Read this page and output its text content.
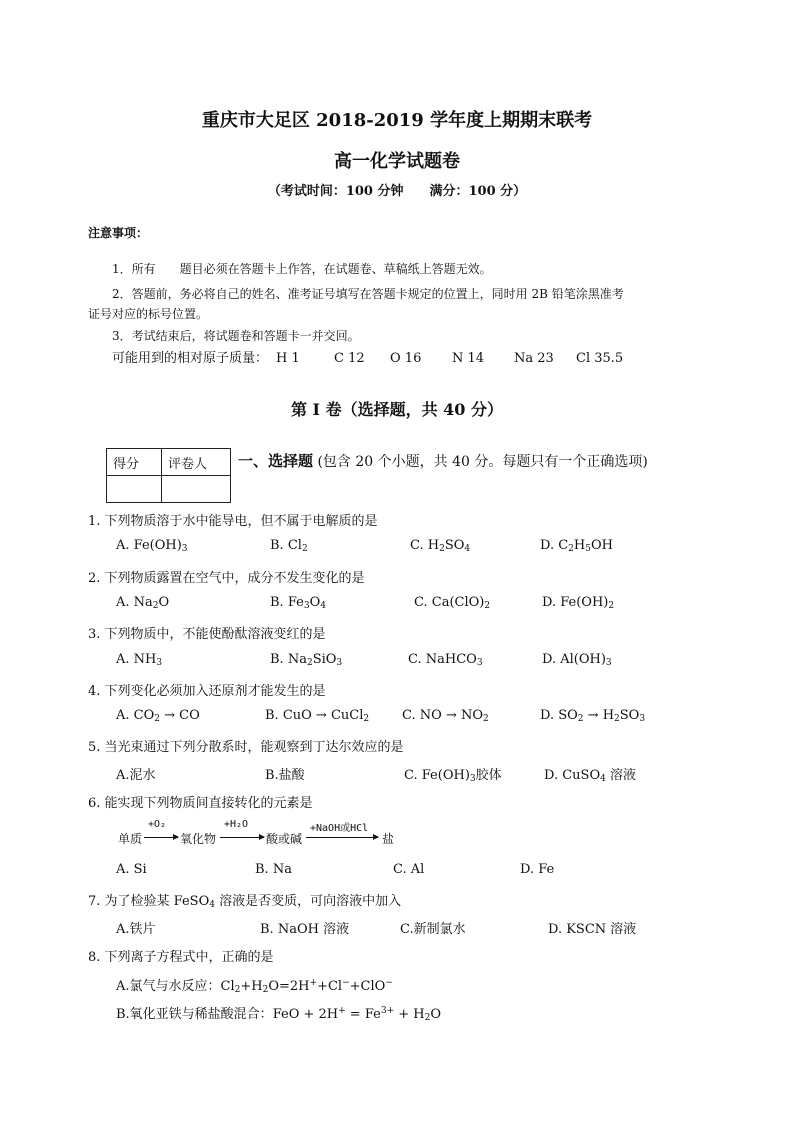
重庆市大足区 2018-2019 学年度上期期末联考
高一化学试题卷
（考试时间：100 分钟　　满分：100 分）
注意事项：
1．所有　　题目必须在答题卡上作答，在试题卷、草稿纸上答题无效。
2．答题前，务必将自己的姓名、准考证号填写在答题卡规定的位置上，同时用 2B 铅笔涂黑准考
证号对应的标号位置。
3．考试结束后，将试题卷和答题卡一并交回。
可能用到的相对原子质量： H 1	C 12 O 16 N 14 Na 23 Cl 35.5
第 I 卷（选择题，共 40 分）
得分	评卷人
	一、选择题 (包含 20 个小题，共 40 分。每题只有一个正确选项)
1. 下列物质溶于水中能导电，但不属于电解质的是
A. $Fe(OH)_3$	B. $Cl_2$	C. $H_2SO_4$	D. $C_2H_5OH$
2. 下列物质露置在空气中，成分不发生变化的是
A. $Na_2O$	B. $Fe_3O_4$	C. $Ca(ClO)_2$	D. $Fe(OH)_2$
3. 下列物质中，不能使酚酞溶液变红的是
A. $NH_3$	B. $Na_2SiO_3$	C. NaHCO$_3$	D. $Al(OH)_3$
4. 下列变化必须加入还原剂才能发生的是
A. $CO_2$ → CO	B. CuO → CuCl$_2$	C. NO → $NO_2$	D. $SO_2 \to H_2SO_3$
5. 当光束通过下列分散系时，能观察到丁达尔效应的是
A.泥水	B.盐酸	C. $Fe(OH)_3$胶体	D. CuSO$_4$ 溶液
6. 能实现下列物质间直接转化的元素是
单质
+O₂
氧化物
+H₂O
酸或碱
+NaOH或HCl
盐
A. Si	B. Na	C. Al	D. Fe
7. 为了检验某 FeSO$_4$ 溶液是否变质，可向溶液中加入
A.铁片	B. NaOH 溶液	C.新制氯水	D. KSCN 溶液
8. 下列离子方程式中，正确的是
A.氯气与水反应：$Cl_2+H_2O=2H^++Cl^-+ClO^-$
B.氧化亚铁与稀盐酸混合：FeO + $2H^+ = Fe^{3+} + H_2O$
